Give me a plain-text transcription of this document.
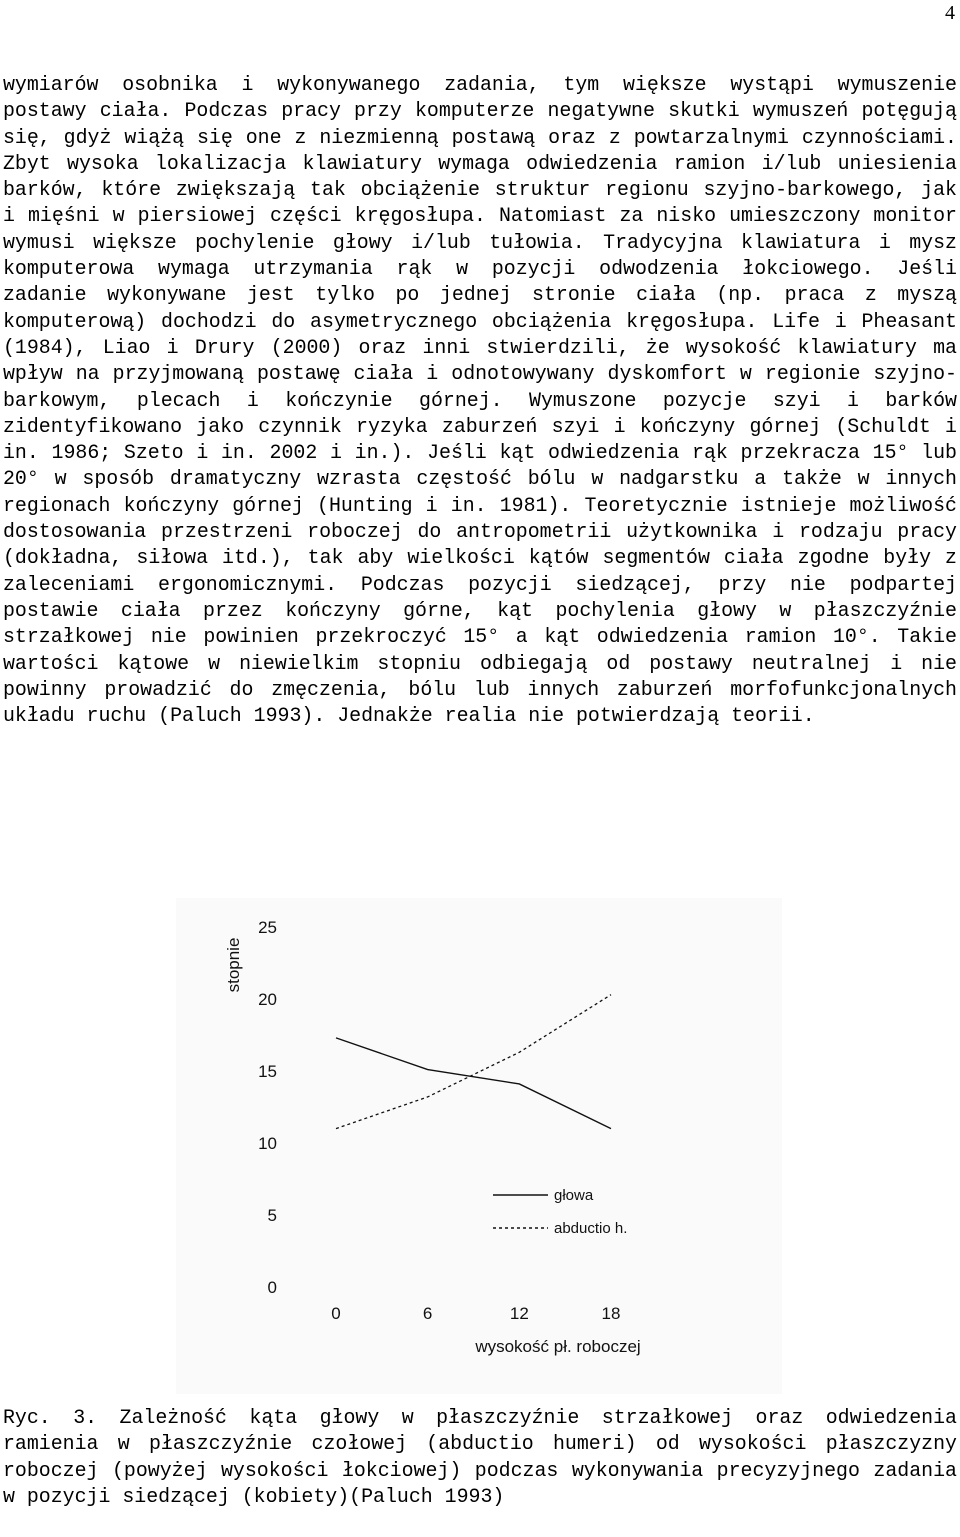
4

wymiarów osobnika i wykonywanego zadania, tym większe wystąpi wymuszenie postawy ciała. Podczas pracy przy komputerze negatywne skutki wymuszeń potęgują się, gdyż wiążą się one z niezmienną postawą oraz z powtarzalnymi czynnościami. Zbyt wysoka lokalizacja klawiatury wymaga odwiedzenia ramion i/lub uniesienia barków, które zwiększają tak obciążenie struktur regionu szyjno-barkowego, jak i mięśni w piersiowej części kręgosłupa. Natomiast za nisko umieszczony monitor wymusi większe pochylenie głowy i/lub tułowia. Tradycyjna klawiatura i mysz komputerowa wymaga utrzymania rąk w pozycji odwodzenia łokciowego. Jeśli zadanie wykonywane jest tylko po jednej stronie ciała (np. praca z myszą komputerową) dochodzi do asymetrycznego obciążenia kręgosłupa. Life i Pheasant (1984), Liao i Drury (2000) oraz inni stwierdzili, że wysokość klawiatury ma wpływ na przyjmowaną postawę ciała i odnotowywany dyskomfort w regionie szyjno-barkowym, plecach i kończynie górnej. Wymuszone pozycje szyi i barków zidentyfikowano jako czynnik ryzyka zaburzeń szyi i kończyny górnej (Schuldt i in. 1986; Szeto i in. 2002 i in.). Jeśli kąt odwiedzenia rąk przekracza 15° lub 20° w sposób dramatyczny wzrasta częstość bólu w nadgarstku a także w innych regionach kończyny górnej (Hunting i in. 1981). Teoretycznie istnieje możliwość dostosowania przestrzeni roboczej do antropometrii użytkownika i rodzaju pracy (dokładna, siłowa itd.), tak aby wielkości kątów segmentów ciała zgodne były z zaleceniami ergonomicznymi. Podczas pozycji siedzącej, przy nie podpartej postawie ciała przez kończyny górne, kąt pochylenia głowy w płaszczyźnie strzałkowej nie powinien przekroczyć 15° a kąt odwiedzenia ramion 10°. Takie wartości kątowe w niewielkim stopniu odbiegają od postawy neutralnej i nie powinny prowadzić do zmęczenia, bólu lub innych zaburzeń morfofunkcjonalnych układu ruchu (Paluch 1993). Jednakże realia nie potwierdzają teorii.

0
5
10
15
20
25
0	6	12	18
stopnie
wysokość pł. roboczej
głowa
abductio h.

Ryc. 3. Zależność kąta głowy w płaszczyźnie strzałkowej oraz odwiedzenia ramienia w płaszczyźnie czołowej (abductio humeri) od wysokości płaszczyzny roboczej (powyżej wysokości łokciowej) podczas wykonywania precyzyjnego zadania w pozycji siedzącej (kobiety)(Paluch 1993)
